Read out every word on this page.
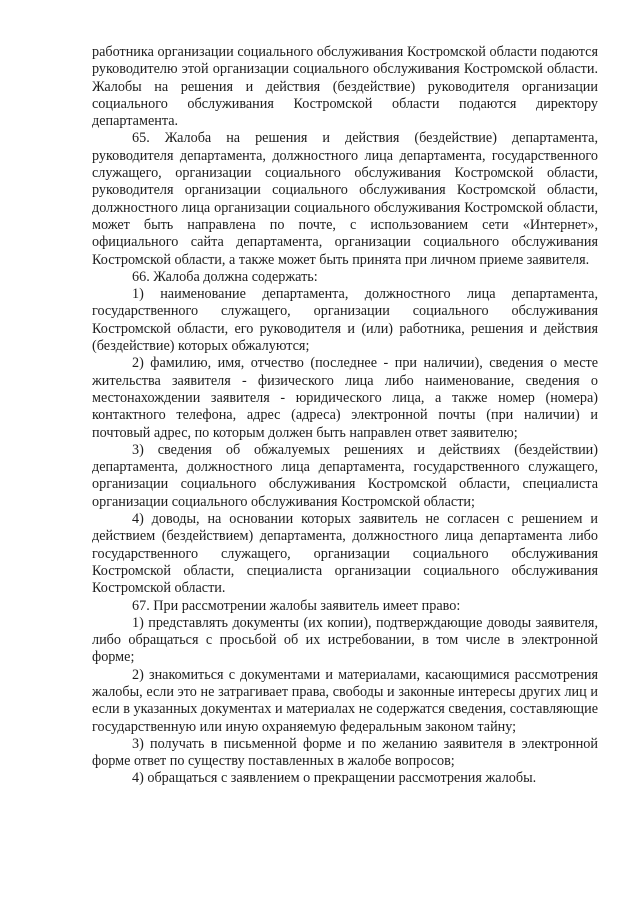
работника организации социального обслуживания Костромской области подаются руководителю этой организации социального обслуживания Костромской области. Жалобы на решения и действия (бездействие) руководителя организации социального обслуживания Костромской области подаются директору департамента.

65. Жалоба на решения и действия (бездействие) департамента, руководителя департамента, должностного лица департамента, государственного служащего, организации социального обслуживания Костромской области, руководителя организации социального обслуживания Костромской области, должностного лица организации социального обслуживания Костромской области, может быть направлена по почте, с использованием сети «Интернет», официального сайта департамента, организации социального обслуживания Костромской области, а также может быть принята при личном приеме заявителя.

66. Жалоба должна содержать:

1) наименование департамента, должностного лица департамента, государственного служащего, организации социального обслуживания Костромской области, его руководителя и (или) работника, решения и действия (бездействие) которых обжалуются;

2) фамилию, имя, отчество (последнее - при наличии), сведения о месте жительства заявителя - физического лица либо наименование, сведения о местонахождении заявителя - юридического лица, а также номер (номера) контактного телефона, адрес (адреса) электронной почты (при наличии) и почтовый адрес, по которым должен быть направлен ответ заявителю;

3) сведения об обжалуемых решениях и действиях (бездействии) департамента, должностного лица департамента, государственного служащего, организации социального обслуживания Костромской области, специалиста организации социального обслуживания Костромской области;

4) доводы, на основании которых заявитель не согласен с решением и действием (бездействием) департамента, должностного лица департамента либо государственного служащего, организации социального обслуживания Костромской области, специалиста организации социального обслуживания Костромской области.

67. При рассмотрении жалобы заявитель имеет право:

1) представлять документы (их копии), подтверждающие доводы заявителя, либо обращаться с просьбой об их истребовании, в том числе в электронной форме;

2) знакомиться с документами и материалами, касающимися рассмотрения жалобы, если это не затрагивает права, свободы и законные интересы других лиц и если в указанных документах и материалах не содержатся сведения, составляющие государственную или иную охраняемую федеральным законом тайну;

3) получать в письменной форме и по желанию заявителя в электронной форме ответ по существу поставленных в жалобе вопросов;

4) обращаться с заявлением о прекращении рассмотрения жалобы.
